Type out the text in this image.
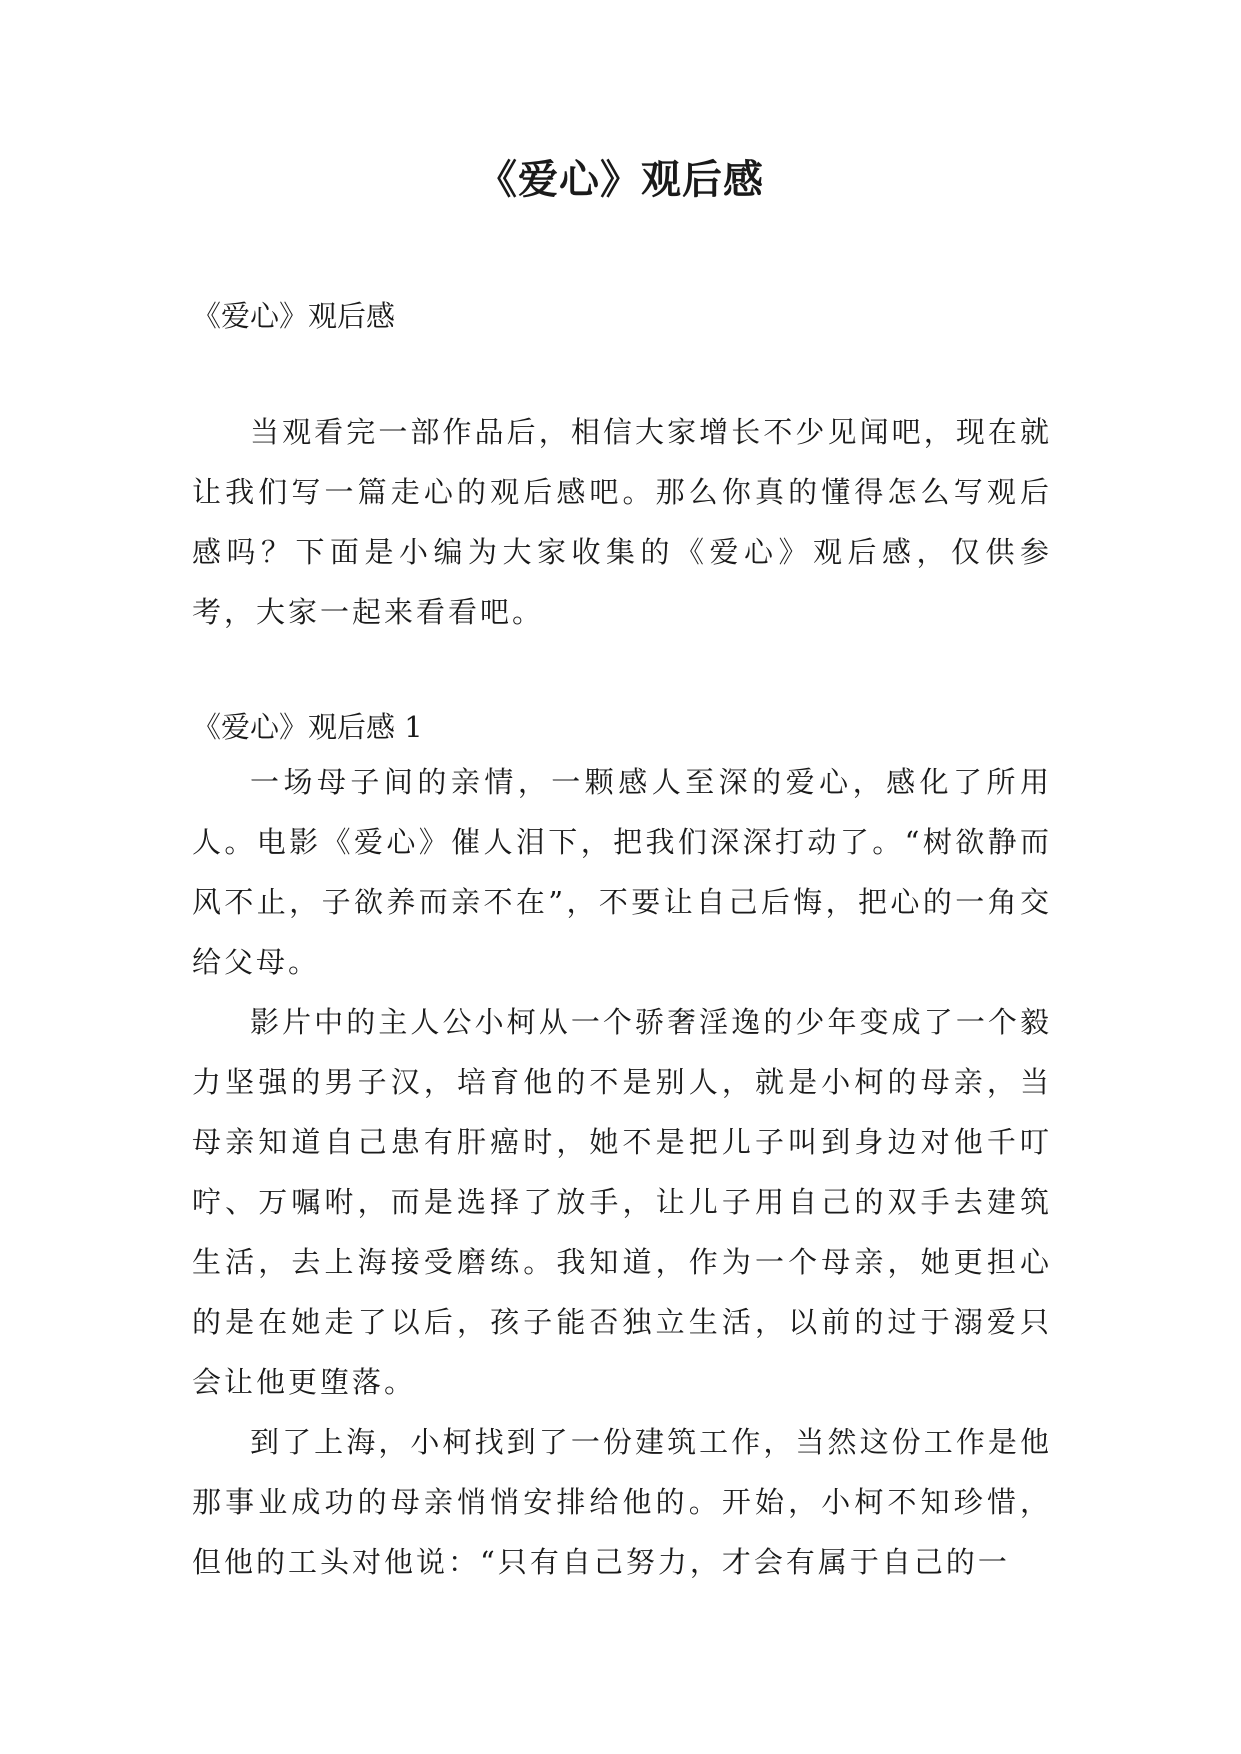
《爱心》观后感
《爱心》观后感

当观看完一部作品后，相信大家增长不少见闻吧，现在就让我们写一篇走心的观后感吧。那么你真的懂得怎么写观后感吗？下面是小编为大家收集的《爱心》观后感，仅供参考，大家一起来看看吧。

《爱心》观后感 1

一场母子间的亲情，一颗感人至深的爱心，感化了所用人。电影《爱心》催人泪下，把我们深深打动了。“树欲静而风不止，子欲养而亲不在”，不要让自己后悔，把心的一角交给父母。

影片中的主人公小柯从一个骄奢淫逸的少年变成了一个毅力坚强的男子汉，培育他的不是别人，就是小柯的母亲，当母亲知道自己患有肝癌时，她不是把儿子叫到身边对他千叮咛、万嘱咐，而是选择了放手，让儿子用自己的双手去建筑生活，去上海接受磨练。我知道，作为一个母亲，她更担心的是在她走了以后，孩子能否独立生活，以前的过于溺爱只会让他更堕落。

到了上海，小柯找到了一份建筑工作，当然这份工作是他那事业成功的母亲悄悄安排给他的。开始，小柯不知珍惜，但他的工头对他说：“只有自己努力，才会有属于自己的一
